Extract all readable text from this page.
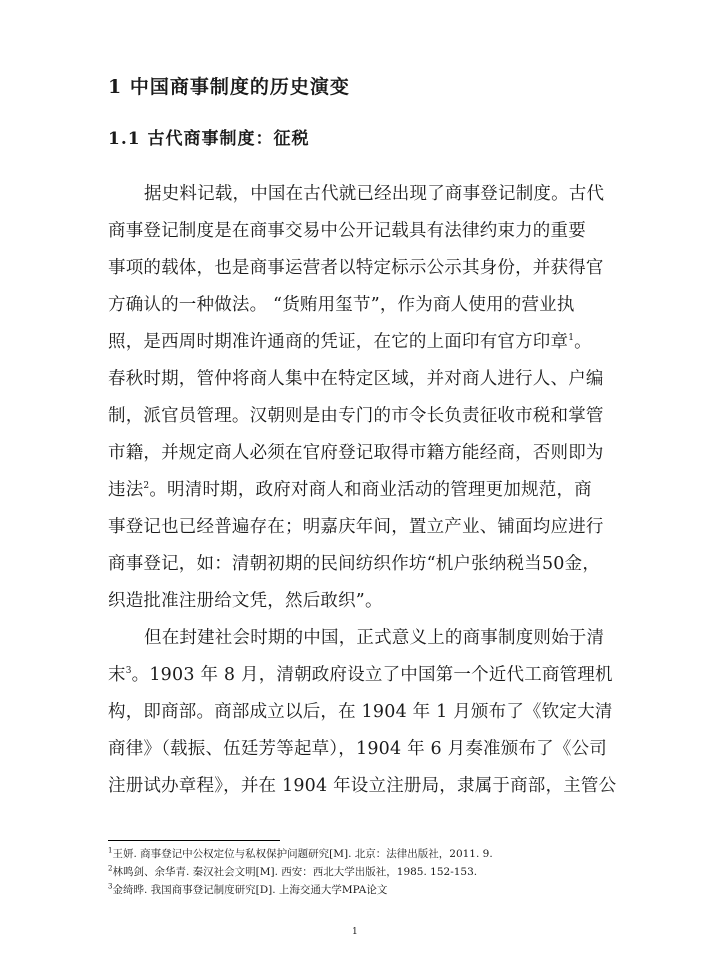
1 中国商事制度的历史演变
1.1 古代商事制度：征税
据史料记载，中国在古代就已经出现了商事登记制度。古代
商事登记制度是在商事交易中公开记载具有法律约束力的重要
事项的载体，也是商事运营者以特定标示公示其身份，并获得官
方确认的一种做法。 “货贿用玺节”，作为商人使用的营业执
照，是西周时期准许通商的凭证，在它的上面印有官方印章$^1$。
春秋时期，管仲将商人集中在特定区域，并对商人进行人、户编
制，派官员管理。汉朝则是由专门的市令长负责征收市税和掌管
市籍，并规定商人必须在官府登记取得市籍方能经商，否则即为
违法$^2$。明清时期，政府对商人和商业活动的管理更加规范，商
事登记也已经普遍存在；明嘉庆年间，置立产业、铺面均应进行
商事登记，如：清朝初期的民间纺织作坊“机户张纳税当50金，
织造批准注册给文凭，然后敢织”。
但在封建社会时期的中国，正式意义上的商事制度则始于清
末$^3$。1903 年 8 月，清朝政府设立了中国第一个近代工商管理机
构，即商部。商部成立以后，在 1904 年 1 月颁布了《钦定大清
商律》（载振、伍廷芳等起草），1904 年 6 月奏准颁布了《公司
注册试办章程》，并在 1904 年设立注册局，隶属于商部，主管公
$^1$王妍. 商事登记中公权定位与私权保护问题研究[M]. 北京：法律出版社，2011. 9.
$^2$林鸣剑、余华青. 秦汉社会文明[M]. 西安：西北大学出版社，1985. 152-153.
$^3$金绮晔. 我国商事登记制度研究[D]. 上海交通大学MPA论文
1
